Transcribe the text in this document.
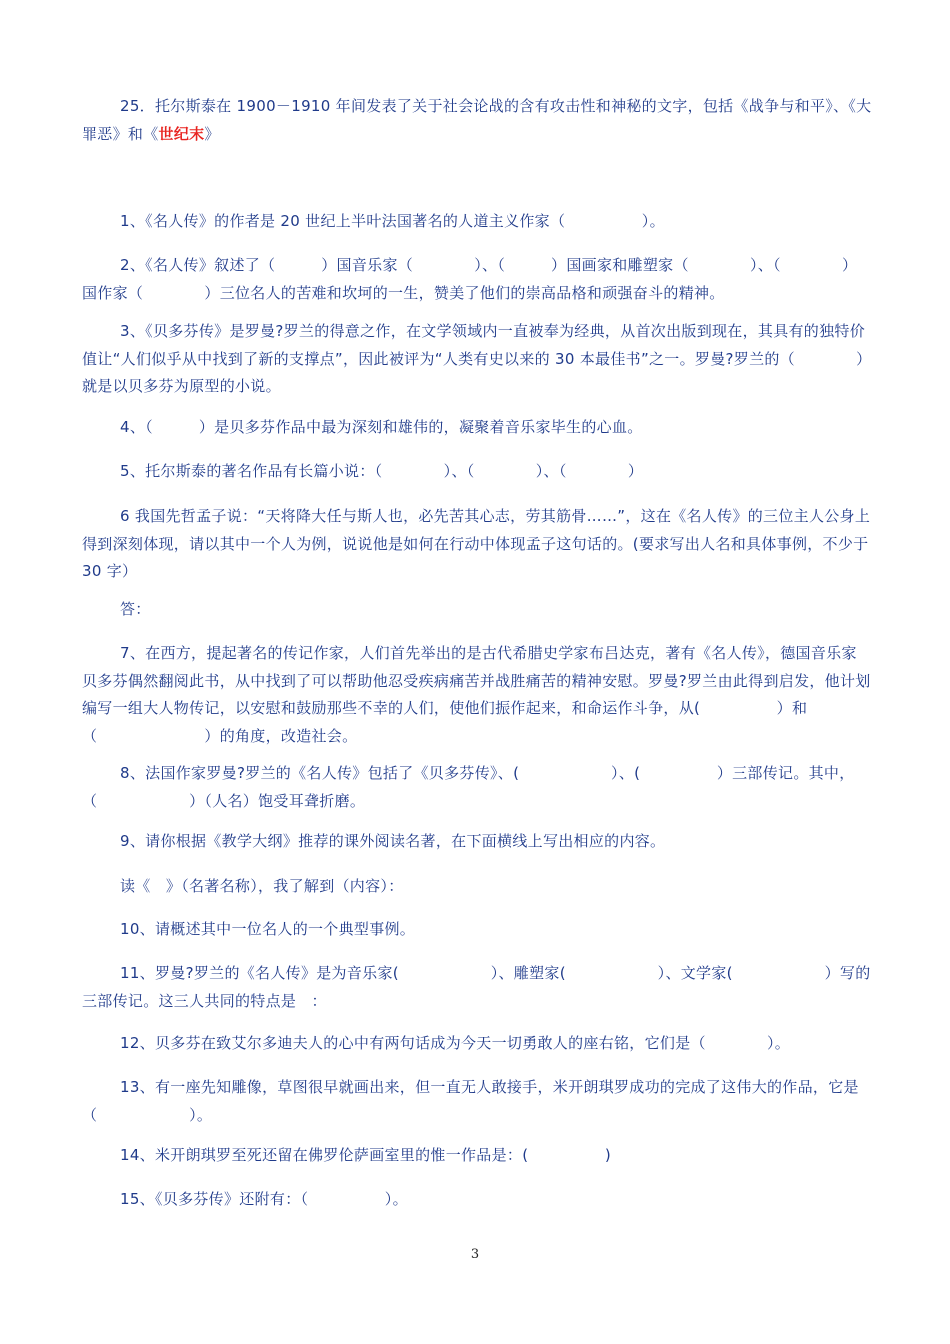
25．托尔斯泰在 1900－1910 年间发表了关于社会论战的含有攻击性和神秘的文字，包括《战争与和平》、《大罪恶》和《世纪末》

1、《名人传》的作者是 20 世纪上半叶法国著名的人道主义作家（　　　　　）。

2、《名人传》叙述了（　　　）国音乐家（　　　　）、（　　　）国画家和雕塑家（　　　　）、（　　　　）国作家（　　　　）三位名人的苦难和坎坷的一生，赞美了他们的崇高品格和顽强奋斗的精神。

3、《贝多芬传》是罗曼?罗兰的得意之作，在文学领域内一直被奉为经典，从首次出版到现在，其具有的独特价值让“人们似乎从中找到了新的支撑点”，因此被评为“人类有史以来的 30 本最佳书”之一。罗曼?罗兰的（　　　　）就是以贝多芬为原型的小说。

4、（　　　）是贝多芬作品中最为深刻和雄伟的，凝聚着音乐家毕生的心血。

5、托尔斯泰的著名作品有长篇小说：（　　　　）、（　　　　）、（　　　　）

6 我国先哲孟子说：“天将降大任与斯人也，必先苦其心志，劳其筋骨……”，这在《名人传》的三位主人公身上得到深刻体现，请以其中一个人为例，说说他是如何在行动中体现孟子这句话的。(要求写出人名和具体事例，不少于 30 字）

答：

7、在西方，提起著名的传记作家，人们首先举出的是古代希腊史学家布吕达克，著有《名人传》，德国音乐家贝多芬偶然翻阅此书，从中找到了可以帮助他忍受疾病痛苦并战胜痛苦的精神安慰。罗曼?罗兰由此得到启发，他计划编写一组大人物传记，以安慰和鼓励那些不幸的人们，使他们振作起来，和命运作斗争，从(　　　　　）和（　　　　　　　）的角度，改造社会。

8、法国作家罗曼?罗兰的《名人传》包括了《贝多芬传》、(　　　　　　）、(　　　　　）三部传记。其中，（　　　　　　）（人名）饱受耳聋折磨。

9、请你根据《教学大纲》推荐的课外阅读名著，在下面横线上写出相应的内容。

读《　》（名著名称），我了解到（内容）：

10、请概述其中一位名人的一个典型事例。

11、罗曼?罗兰的《名人传》是为音乐家(　　　　　　）、雕塑家(　　　　　　）、文学家(　　　　　　）写的三部传记。这三人共同的特点是　：

12、贝多芬在致艾尔多迪夫人的心中有两句话成为今天一切勇敢人的座右铭，它们是（　　　　）。

13、有一座先知雕像，草图很早就画出来，但一直无人敢接手，米开朗琪罗成功的完成了这伟大的作品，它是（　　　　　　）。

14、米开朗琪罗至死还留在佛罗伦萨画室里的惟一作品是：(　　　　　)

15、《贝多芬传》还附有：（　　　　　）。

3
